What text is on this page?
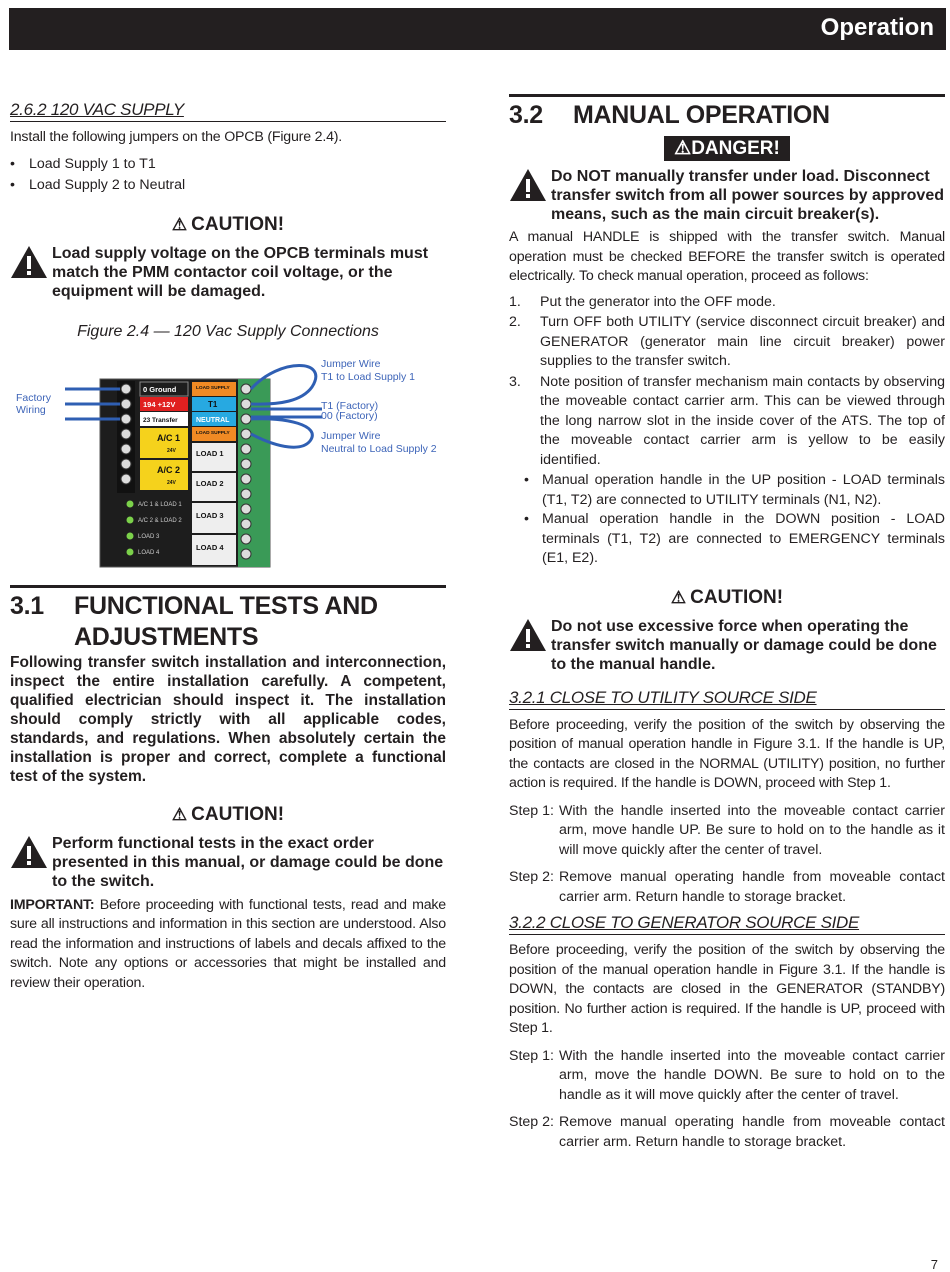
Operation
2.6.2 120 VAC SUPPLY
Install the following jumpers on the OPCB (Figure 2.4).
• Load Supply 1 to T1
• Load Supply 2 to Neutral
⚠ CAUTION!
Load supply voltage on the OPCB terminals must match the PMM contactor coil voltage, or the equipment will be damaged.
Figure 2.4 — 120 Vac Supply Connections
Factory
Wiring
Jumper Wire
T1 to Load Supply 1
T1 (Factory)
00 (Factory)
Jumper Wire
Neutral to Load Supply 2
0 Ground
194 +12V
23 Transfer
A/C 1
A/C 2
24V
24V
LOAD SUPPLY
T1
NEUTRAL
LOAD SUPPLY
LOAD 1
LOAD 2
LOAD 3
LOAD 4
A/C 1 & LOAD 1
A/C 2 & LOAD 2
LOAD 3
LOAD 4
3.1 FUNCTIONAL TESTS AND
ADJUSTMENTS
Following transfer switch installation and interconnection, inspect the entire installation carefully. A competent, qualified electrician should inspect it. The installation should comply strictly with all applicable codes, standards, and regulations. When absolutely certain the installation is proper and correct, complete a functional test of the system.
⚠ CAUTION!
Perform functional tests in the exact order presented in this manual, or damage could be done to the switch.
IMPORTANT: Before proceeding with functional tests, read and make sure all instructions and information in this section are understood. Also read the information and instructions of labels and decals affixed to the switch. Note any options or accessories that might be installed and review their operation.
3.2 MANUAL OPERATION
⚠DANGER!
Do NOT manually transfer under load. Disconnect transfer switch from all power sources by approved means, such as the main circuit breaker(s).
A manual HANDLE is shipped with the transfer switch. Manual operation must be checked BEFORE the transfer switch is operated electrically. To check manual operation, proceed as follows:
1. Put the generator into the OFF mode.
2. Turn OFF both UTILITY (service disconnect circuit breaker) and GENERATOR (generator main line circuit breaker) power supplies to the transfer switch.
3. Note position of transfer mechanism main contacts by observing the moveable contact carrier arm. This can be viewed through the long narrow slot in the inside cover of the ATS. The top of the moveable contact carrier arm is yellow to be easily identified.
• Manual operation handle in the UP position - LOAD terminals (T1, T2) are connected to UTILITY terminals (N1, N2).
• Manual operation handle in the DOWN position - LOAD terminals (T1, T2) are connected to EMERGENCY terminals (E1, E2).
⚠ CAUTION!
Do not use excessive force when operating the transfer switch manually or damage could be done to the manual handle.
3.2.1 CLOSE TO UTILITY SOURCE SIDE
Before proceeding, verify the position of the switch by observing the position of manual operation handle in Figure 3.1. If the handle is UP, the contacts are closed in the NORMAL (UTILITY) position, no further action is required. If the handle is DOWN, proceed with Step 1.
Step 1: With the handle inserted into the moveable contact carrier arm, move handle UP. Be sure to hold on to the handle as it will move quickly after the center of travel.
Step 2: Remove manual operating handle from moveable contact carrier arm. Return handle to storage bracket.
3.2.2 CLOSE TO GENERATOR SOURCE SIDE
Before proceeding, verify the position of the switch by observing the position of the manual operation handle in Figure 3.1. If the handle is DOWN, the contacts are closed in the GENERATOR (STANDBY) position. No further action is required. If the handle is UP, proceed with Step 1.
Step 1: With the handle inserted into the moveable contact carrier arm, move the handle DOWN. Be sure to hold on to the handle as it will move quickly after the center of travel.
Step 2: Remove manual operating handle from moveable contact carrier arm. Return handle to storage bracket.
7
